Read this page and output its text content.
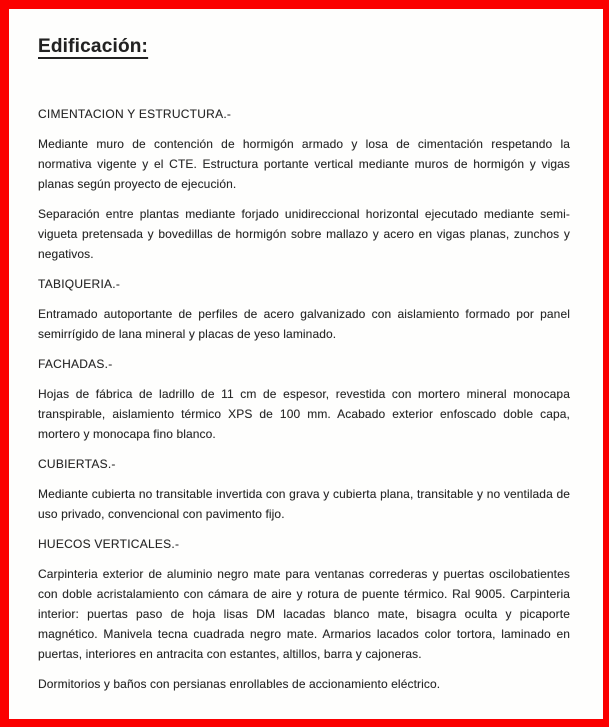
Edificación:
CIMENTACION Y ESTRUCTURA.-

Mediante muro de contención de hormigón armado y losa de cimentación respetando la normativa vigente y el CTE. Estructura portante vertical mediante muros de hormigón y vigas planas según proyecto de ejecución.

Separación entre plantas mediante forjado unidireccional horizontal ejecutado mediante semi-vigueta pretensada y bovedillas de hormigón sobre mallazo y acero en vigas planas, zunchos y negativos.

TABIQUERIA.-

Entramado autoportante de perfiles de acero galvanizado con aislamiento formado por panel semirrígido de lana mineral y placas de yeso laminado.

FACHADAS.-

Hojas de fábrica de ladrillo de 11 cm de espesor, revestida con mortero mineral monocapa transpirable, aislamiento térmico XPS de 100 mm. Acabado exterior enfoscado doble capa, mortero y monocapa fino blanco.

CUBIERTAS.-

Mediante cubierta no transitable invertida con grava y cubierta plana, transitable y no ventilada de uso privado, convencional con pavimento fijo.

HUECOS VERTICALES.-

Carpinteria exterior de aluminio negro mate para ventanas correderas y puertas oscilobatientes con doble acristalamiento con cámara de aire y rotura de puente térmico. Ral 9005. Carpinteria interior: puertas paso de hoja lisas DM lacadas blanco mate, bisagra oculta y picaporte magnético. Manivela tecna cuadrada negro mate. Armarios lacados color tortora, laminado en puertas, interiores en antracita con estantes, altillos, barra y cajoneras.

Dormitorios y baños con persianas enrollables de accionamiento eléctrico.
